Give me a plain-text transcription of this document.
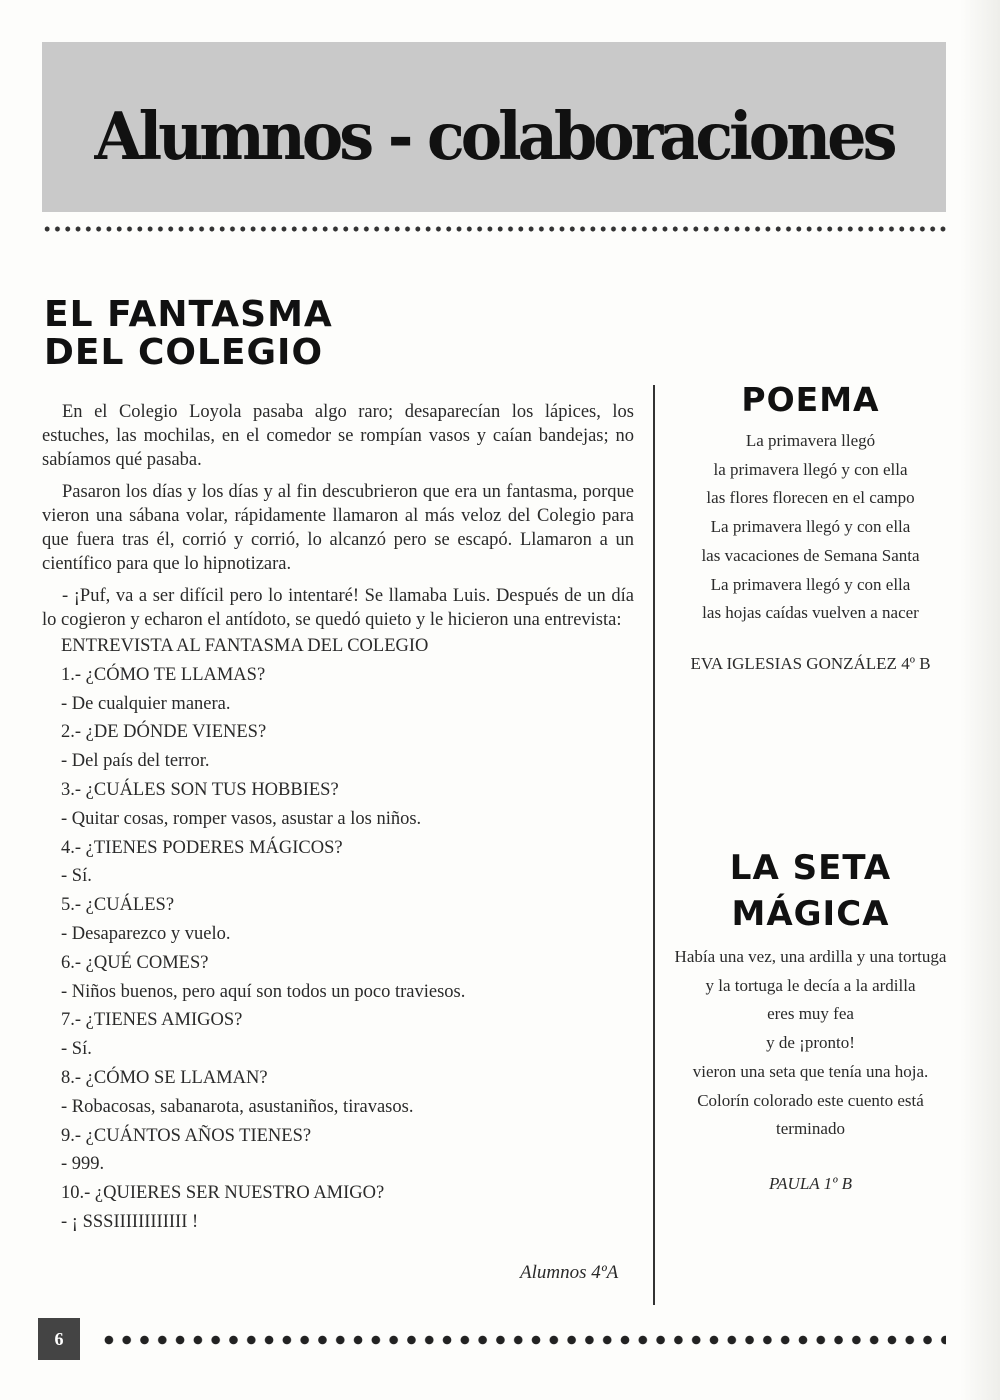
Alumnos - colaboraciones
EL FANTASMA
DEL COLEGIO

En el Colegio Loyola pasaba algo raro; desaparecían los lápices, los estuches, las mochilas, en el comedor se rompían vasos y caían bandejas; no sabíamos qué pasaba.

Pasaron los días y los días y al fin descubrieron que era un fantasma, porque vieron una sábana volar, rápidamente llamaron al más veloz del Colegio para que fuera tras él, corrió y corrió, lo alcanzó pero se escapó. Llamaron a un científico para que lo hipnotizara.

- ¡Puf, va a ser difícil pero lo intentaré! Se llamaba Luis. Después de un día lo cogieron y echaron el antídoto, se quedó quieto y le hicieron una entrevista:

ENTREVISTA AL FANTASMA DEL COLEGIO
1.- ¿CÓMO TE LLAMAS?
- De cualquier manera.
2.- ¿DE DÓNDE VIENES?
- Del país del terror.
3.- ¿CUÁLES SON TUS HOBBIES?
- Quitar cosas, romper vasos, asustar a los niños.
4.- ¿TIENES PODERES MÁGICOS?
- Sí.
5.- ¿CUÁLES?
- Desaparezco y vuelo.
6.- ¿QUÉ COMES?
- Niños buenos, pero aquí son todos un poco traviesos.
7.- ¿TIENES AMIGOS?
- Sí.
8.- ¿CÓMO SE LLAMAN?
- Robacosas, sabanarota, asustaniños, tiravasos.
9.- ¿CUÁNTOS AÑOS TIENES?
- 999.
10.- ¿QUIERES SER NUESTRO AMIGO?
- ¡ SSSIIIIIIIIIIII !
Alumnos 4ºA
POEMA
La primavera llegó
la primavera llegó y con ella
las flores florecen en el campo
La primavera llegó y con ella
las vacaciones de Semana Santa
La primavera llegó y con ella
las hojas caídas vuelven a nacer
EVA IGLESIAS GONZÁLEZ 4º B
LA SETA
MÁGICA
Había una vez, una ardilla y una tortuga
y la tortuga le decía a la ardilla
eres muy fea
y de ¡pronto!
vieron una seta que tenía una hoja.
Colorín colorado este cuento está
terminado
PAULA 1º B
6
